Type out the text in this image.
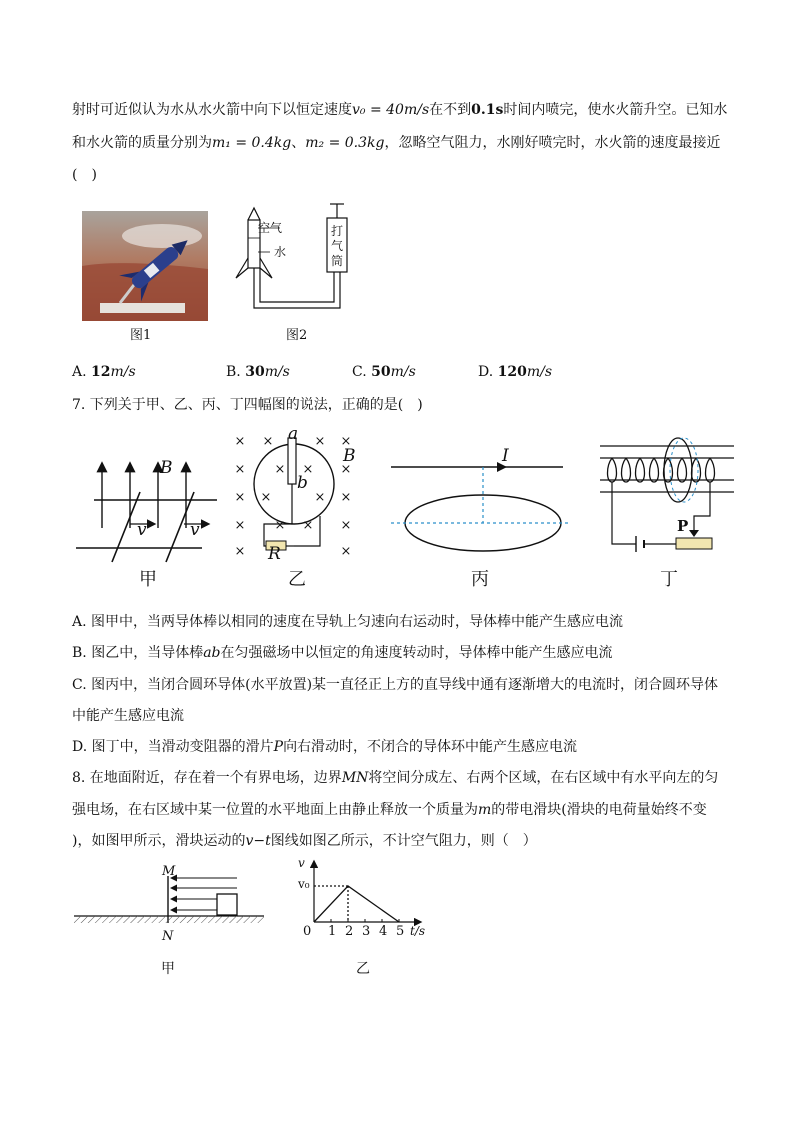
射时可近似认为水从水火箭中向下以恒定速度v₀ = 40m/s在不到0.1s时间内喷完，使水火箭升空。已知水
和水火箭的质量分别为m₁ = 0.4kg、m₂ = 0.3kg，忽略空气阻力，水刚好喷完时，水火箭的速度最接近
(　)
图1
空气
水
打
气
筒
图2
A. 12m/s	B. 30m/s	C. 50m/s	D. 120m/s
7. 下列关于甲、乙、丙、丁四幅图的说法，正确的是(　)
B
v	v
甲
× ×	× ×
×	×
× ×	× ×
×	×
×	×
× ×
× ×
a
b
B
R
乙
I
丙
P
丁
A. 图甲中，当两导体棒以相同的速度在导轨上匀速向右运动时，导体棒中能产生感应电流
B. 图乙中，当导体棒ab在匀强磁场中以恒定的角速度转动时，导体棒中能产生感应电流
C. 图丙中，当闭合圆环导体(水平放置)某一直径正上方的直导线中通有逐渐增大的电流时，闭合圆环导体
中能产生感应电流
D. 图丁中，当滑动变阻器的滑片P向右滑动时，不闭合的导体环中能产生感应电流
8. 在地面附近，存在着一个有界电场，边界MN将空间分成左、右两个区域，在右区域中有水平向左的匀
强电场，在右区域中某一位置的水平地面上由静止释放一个质量为m的带电滑块(滑块的电荷量始终不变
)，如图甲所示，滑块运动的v−t图线如图乙所示，不计空气阻力，则（　）
M
N
甲
v
v₀
0 1 2 3 4 5 t/s
乙
